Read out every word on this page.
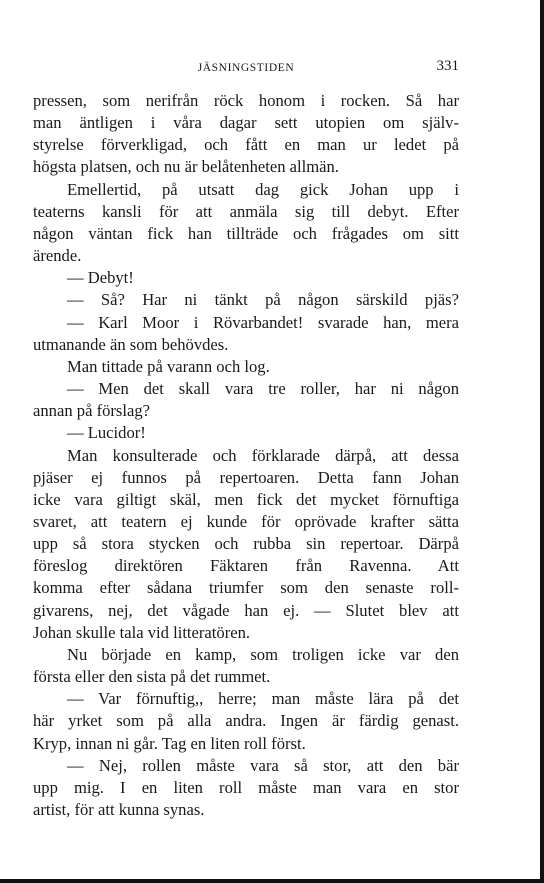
JÄSNINGSTIDEN	331

pressen, som nerifrån röck honom i rocken. Så har

man äntligen i våra dagar sett utopien om själv-

styrelse förverkligad, och fått en man ur ledet på

högsta platsen, och nu är belåtenheten allmän.

Emellertid, på utsatt dag gick Johan upp i

teaterns kansli för att anmäla sig till debyt. Efter

någon väntan fick han tillträde och frågades om sitt

ärende.

— Debyt!

— Så? Har ni tänkt på någon särskild pjäs?

— Karl Moor i Rövarbandet! svarade han, mera

utmanande än som behövdes.

Man tittade på varann och log.

— Men det skall vara tre roller, har ni någon

annan på förslag?

— Lucidor!

Man konsulterade och förklarade därpå, att dessa

pjäser ej funnos på repertoaren. Detta fann Johan

icke vara giltigt skäl, men fick det mycket förnuftiga

svaret, att teatern ej kunde för oprövade krafter sätta

upp så stora stycken och rubba sin repertoar. Därpå

föreslog direktören Fäktaren från Ravenna. Att

komma efter sådana triumfer som den senaste roll-

givarens, nej, det vågade han ej. — Slutet blev att

Johan skulle tala vid litteratören.

Nu började en kamp, som troligen icke var den

första eller den sista på det rummet.

— Var förnuftig,, herre; man måste lära på det

här yrket som på alla andra. Ingen är färdig genast.

Kryp, innan ni går. Tag en liten roll först.

— Nej, rollen måste vara så stor, att den bär

upp mig. I en liten roll måste man vara en stor

artist, för att kunna synas.
